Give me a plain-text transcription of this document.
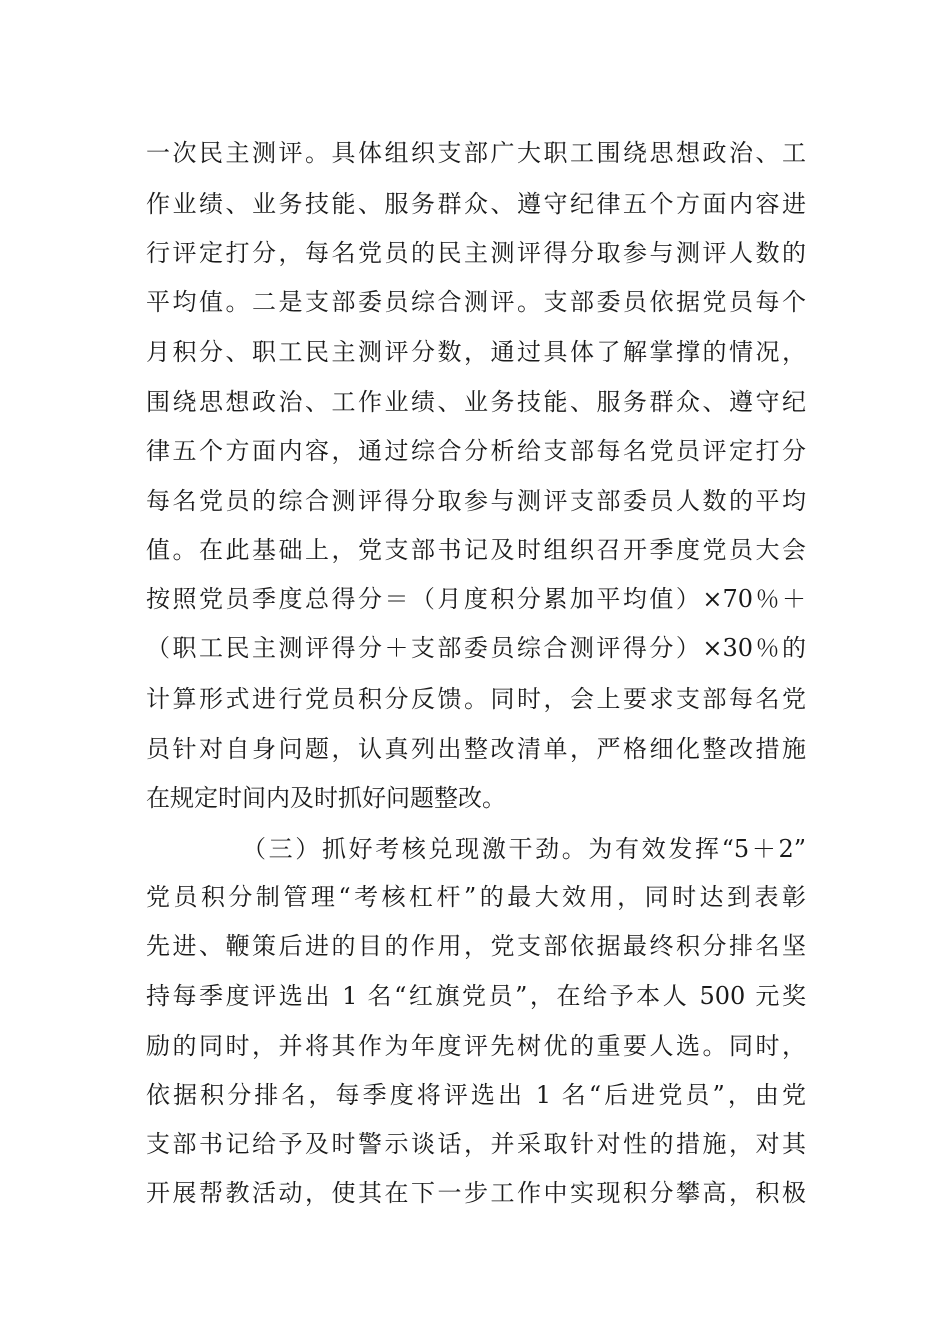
一次民主测评。具体组织支部广大职工围绕思想政治、工
作业绩、业务技能、服务群众、遵守纪律五个方面内容进
行评定打分，每名党员的民主测评得分取参与测评人数的
平均值。二是支部委员综合测评。支部委员依据党员每个
月积分、职工民主测评分数，通过具体了解掌撑的情况，
围绕思想政治、工作业绩、业务技能、服务群众、遵守纪
律五个方面内容，通过综合分析给支部每名党员评定打分
每名党员的综合测评得分取参与测评支部委员人数的平均
值。在此基础上，党支部书记及时组织召开季度党员大会
按照党员季度总得分＝（月度积分累加平均值）×70％＋
（职工民主测评得分＋支部委员综合测评得分）×30％的
计算形式进行党员积分反馈。同时，会上要求支部每名党
员针对自身问题，认真列出整改清单，严格细化整改措施
在规定时间内及时抓好问题整改。
（三）抓好考核兑现激干劲。为有效发挥“5＋2”
党员积分制管理“考核杠杆”的最大效用，同时达到表彰
先进、鞭策后进的目的作用，党支部依据最终积分排名坚
持每季度评选出 1 名“红旗党员”，在给予本人 500 元奖
励的同时，并将其作为年度评先树优的重要人选。同时，
依据积分排名，每季度将评选出 1 名“后进党员”，由党
支部书记给予及时警示谈话，并采取针对性的措施，对其
开展帮教活动，使其在下一步工作中实现积分攀高，积极
